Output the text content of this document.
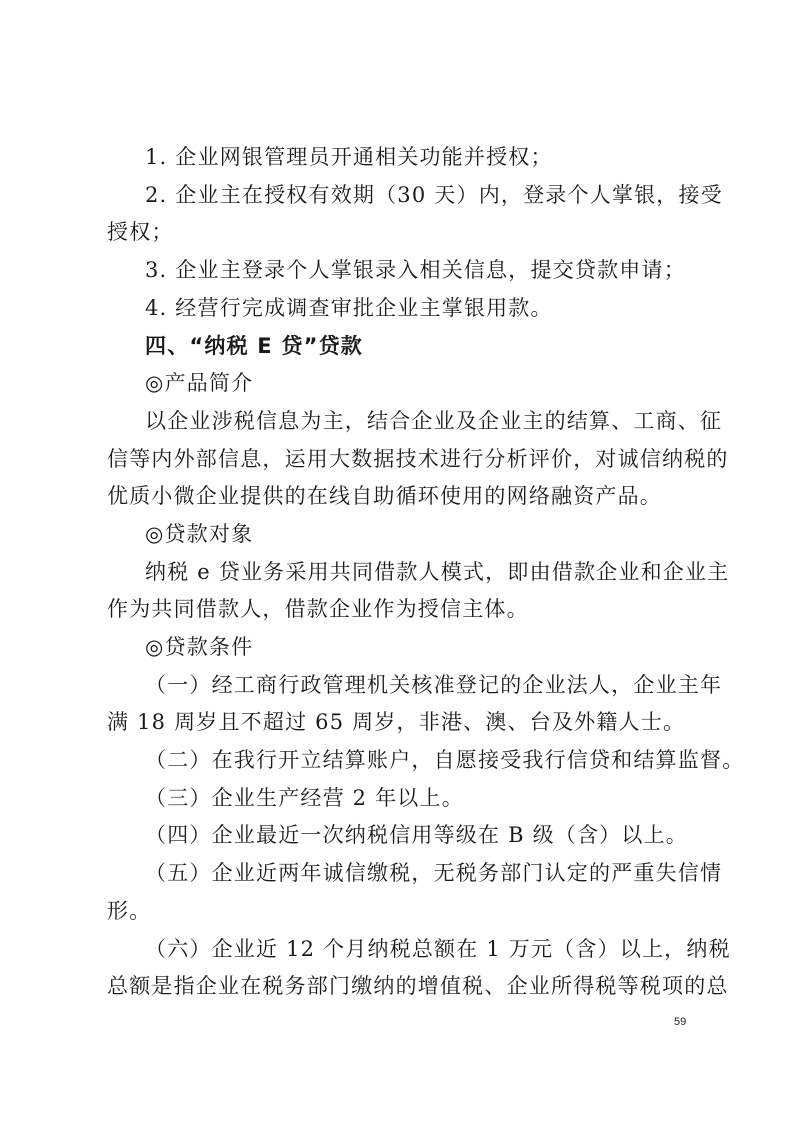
1. 企业网银管理员开通相关功能并授权；
2. 企业主在授权有效期（30 天）内，登录个人掌银，接受
授权；
3. 企业主登录个人掌银录入相关信息，提交贷款申请；
4. 经营行完成调查审批企业主掌银用款。
四、“纳税 E 贷”贷款
◎产品简介
以企业涉税信息为主，结合企业及企业主的结算、工商、征
信等内外部信息，运用大数据技术进行分析评价，对诚信纳税的
优质小微企业提供的在线自助循环使用的网络融资产品。
◎贷款对象
纳税 e 贷业务采用共同借款人模式，即由借款企业和企业主
作为共同借款人，借款企业作为授信主体。
◎贷款条件
（一）经工商行政管理机关核准登记的企业法人，企业主年
满 18 周岁且不超过 65 周岁，非港、澳、台及外籍人士。
（二）在我行开立结算账户，自愿接受我行信贷和结算监督。
（三）企业生产经营 2 年以上。
（四）企业最近一次纳税信用等级在 B 级（含）以上。
（五）企业近两年诚信缴税，无税务部门认定的严重失信情
形。
（六）企业近 12 个月纳税总额在 1 万元（含）以上，纳税
总额是指企业在税务部门缴纳的增值税、企业所得税等税项的总
59
